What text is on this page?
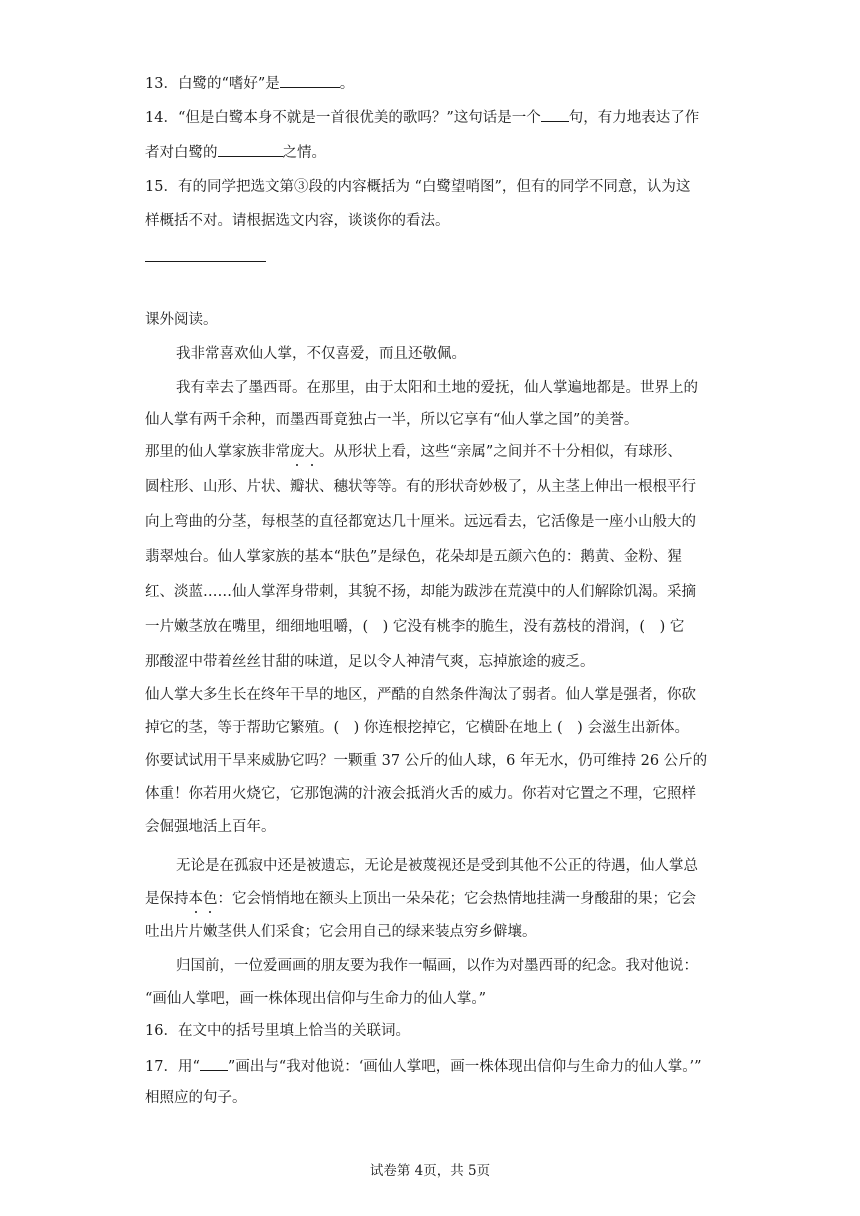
13．白鹭的“嗜好”是	。
14．“但是白鹭本身不就是一首很优美的歌吗？”这句话是一个 句，有力地表达了作
者对白鹭的	之情。
15．有的同学把选文第③段的内容概括为 “白鹭望哨图”，但有的同学不同意，认为这
样概括不对。请根据选文内容，谈谈你的看法。
课外阅读。
我非常喜欢仙人掌，不仅喜爱，而且还敬佩。
我有幸去了墨西哥。在那里，由于太阳和土地的爱抚，仙人掌遍地都是。世界上的
仙人掌有两千余种，而墨西哥竟独占一半，所以它享有“仙人掌之国”的美誉。
那里的仙人掌家族非常庞大。从形状上看，这些“亲属”之间并不十分相似，有球形、
圆柱形、山形、片状、瓣状、穗状等等。有的形状奇妙极了，从主茎上伸出一根根平行
向上弯曲的分茎，每根茎的直径都宽达几十厘米。远远看去，它活像是一座小山般大的
翡翠烛台。仙人掌家族的基本“肤色”是绿色，花朵却是五颜六色的：鹅黄、金粉、猩
红、淡蓝……仙人掌浑身带刺，其貌不扬，却能为跋涉在荒漠中的人们解除饥渴。采摘
一片嫩茎放在嘴里，细细地咀嚼，(　) 它没有桃李的脆生，没有荔枝的滑润，(　) 它
那酸涩中带着丝丝甘甜的味道，足以令人神清气爽，忘掉旅途的疲乏。
仙人掌大多生长在终年干旱的地区，严酷的自然条件淘汰了弱者。仙人掌是强者，你砍
掉它的茎，等于帮助它繁殖。(　) 你连根挖掉它，它横卧在地上 (　) 会滋生出新体。
你要试试用干旱来威胁它吗？一颗重 37 公斤的仙人球，6 年无水，仍可维持 26 公斤的
体重！你若用火烧它，它那饱满的汁液会抵消火舌的威力。你若对它置之不理，它照样
会倔强地活上百年。
无论是在孤寂中还是被遗忘，无论是被蔑视还是受到其他不公正的待遇，仙人掌总
是保持本色：它会悄悄地在额头上顶出一朵朵花；它会热情地挂满一身酸甜的果；它会
吐出片片嫩茎供人们采食；它会用自己的绿来装点穷乡僻壤。
归国前，一位爱画画的朋友要为我作一幅画，以作为对墨西哥的纪念。我对他说：
“画仙人掌吧，画一株体现出信仰与生命力的仙人掌。”
16．在文中的括号里填上恰当的关联词。
17．用“ ”画出与“我对他说：‘画仙人掌吧，画一株体现出信仰与生命力的仙人掌。’”
相照应的句子。
试卷第 4页，共 5页
